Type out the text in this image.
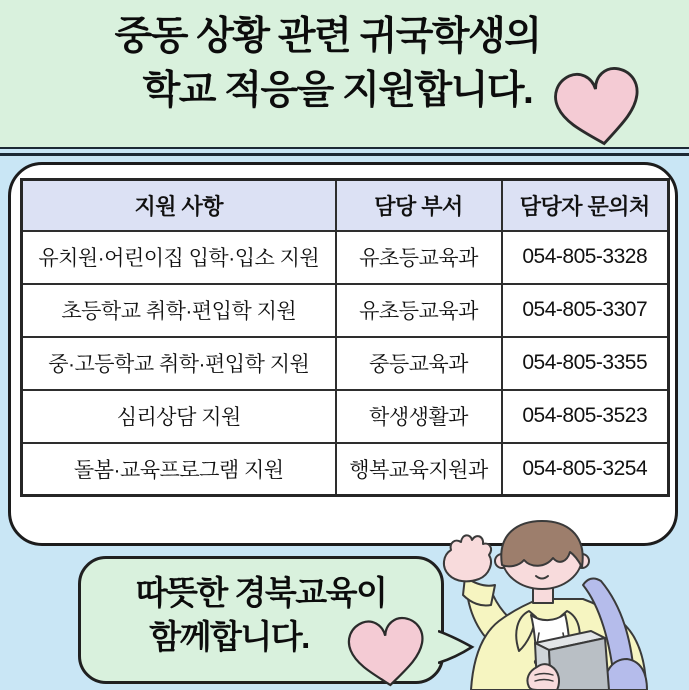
중동 상황 관련 귀국학생의
학교 적응을 지원합니다.
지원 사항	담당 부서	담당자 문의처
유치원·어린이집 입학·입소 지원	유초등교육과	054-805-3328
초등학교 취학·편입학 지원	유초등교육과	054-805-3307
중·고등학교 취학·편입학 지원	중등교육과	054-805-3355
심리상담 지원	학생생활과	054-805-3523
돌봄·교육프로그램 지원	행복교육지원과	054-805-3254
따뜻한 경북교육이
함께합니다.
